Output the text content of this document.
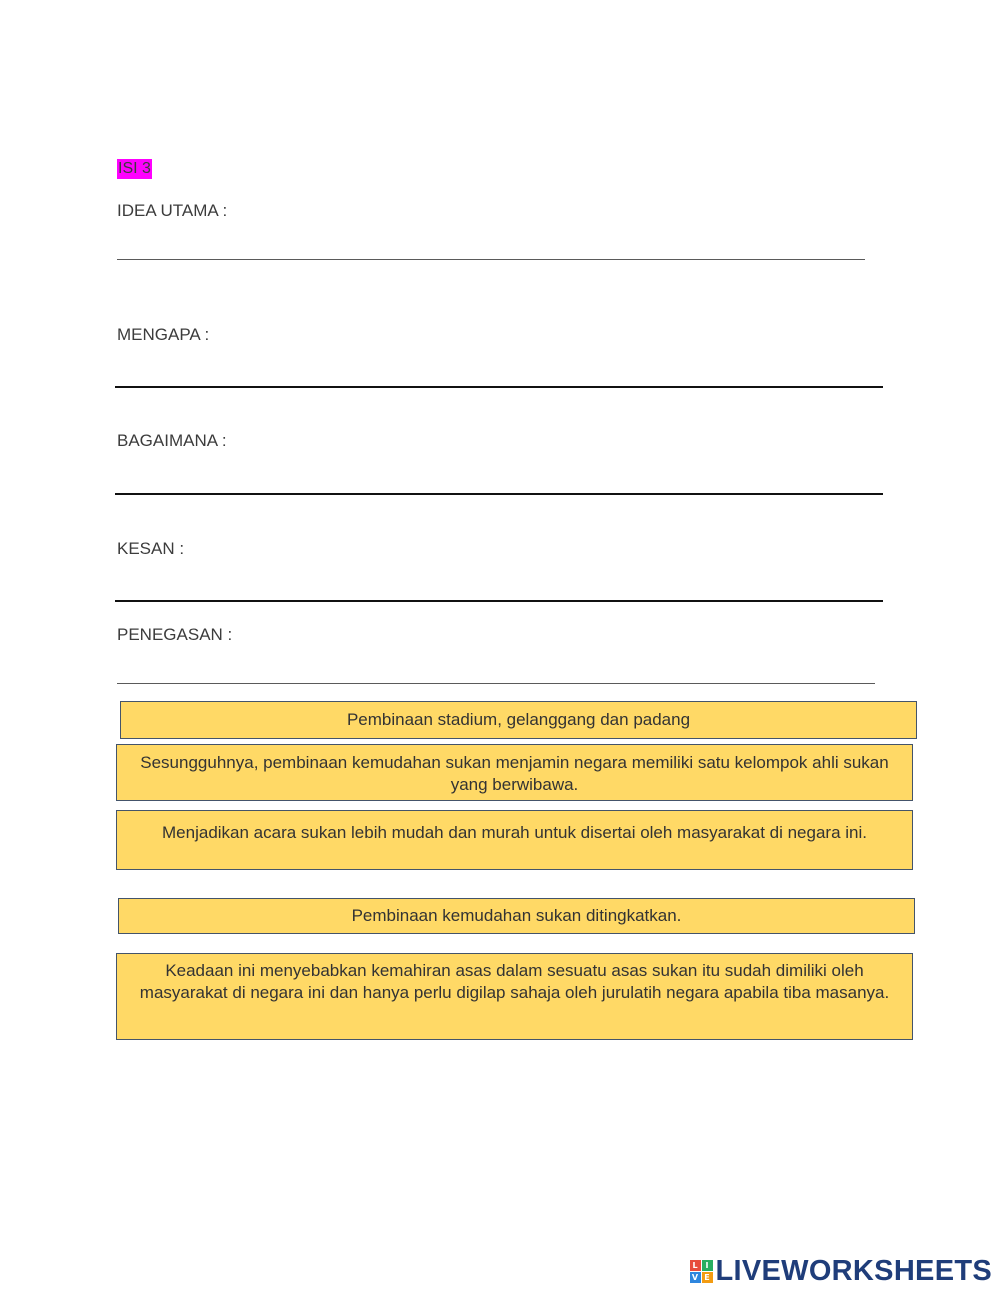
ISI 3
IDEA UTAMA :
MENGAPA :
BAGAIMANA :
KESAN :
PENEGASAN :
Pembinaan stadium, gelanggang dan padang
Sesungguhnya, pembinaan kemudahan sukan menjamin negara memiliki satu kelompok ahli sukan yang berwibawa.
Menjadikan acara sukan lebih mudah dan murah untuk disertai oleh masyarakat di negara ini.
Pembinaan kemudahan sukan ditingkatkan.
Keadaan ini menyebabkan kemahiran asas dalam sesuatu asas sukan itu sudah dimiliki oleh masyarakat di negara ini dan hanya perlu digilap sahaja oleh jurulatih negara apabila tiba masanya.
L I
V E LIVEWORKSHEETS
